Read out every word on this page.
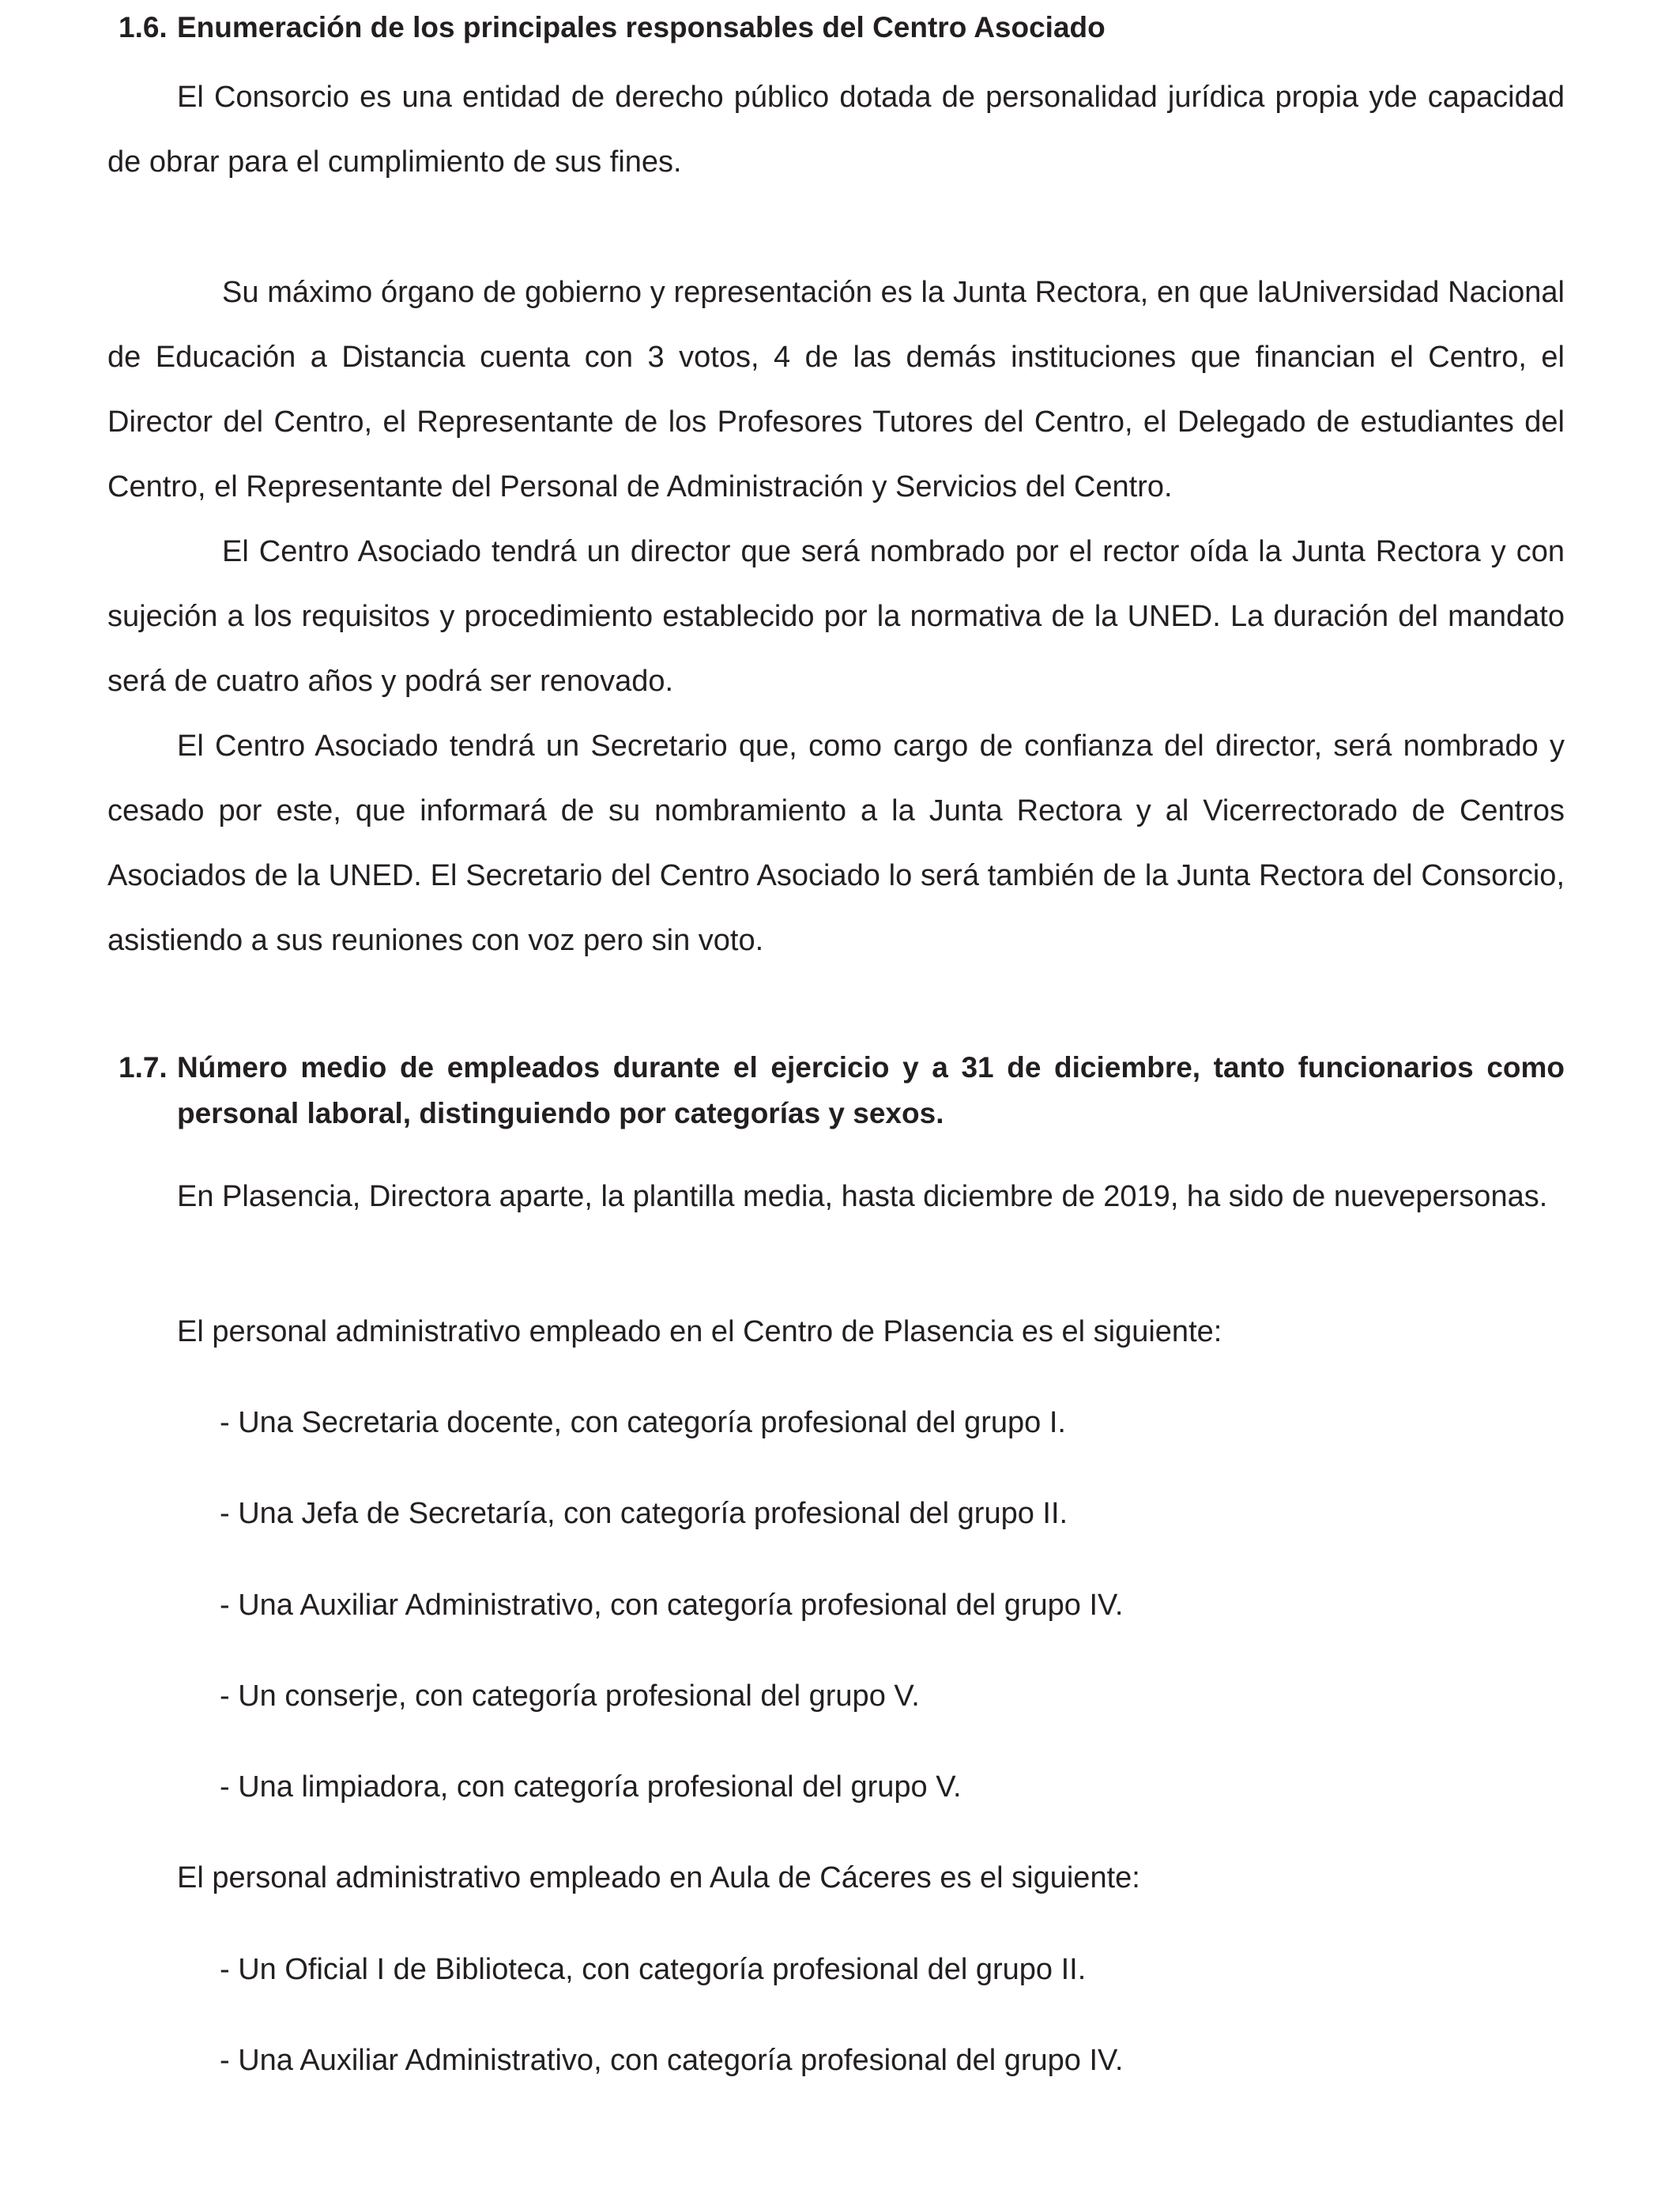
1.6. Enumeración de los principales responsables del Centro Asociado

El Consorcio es una entidad de derecho público dotada de personalidad jurídica propia yde capacidad de obrar para el cumplimiento de sus fines.

Su máximo órgano de gobierno y representación es la Junta Rectora, en que laUniversidad Nacional de Educación a Distancia cuenta con 3 votos, 4 de las demás instituciones que financian el Centro, el Director del Centro, el Representante de los Profesores Tutores del Centro, el Delegado de estudiantes del Centro, el Representante del Personal de Administración y Servicios del Centro.

El Centro Asociado tendrá un director que será nombrado por el rector oída la Junta Rectora y con sujeción a los requisitos y procedimiento establecido por la normativa de la UNED. La duración del mandato será de cuatro años y podrá ser renovado.

El Centro Asociado tendrá un Secretario que, como cargo de confianza del director, será nombrado y cesado por este, que informará de su nombramiento a la Junta Rectora y al Vicerrectorado de Centros Asociados de la UNED. El Secretario del Centro Asociado lo será también de la Junta Rectora del Consorcio, asistiendo a sus reuniones con voz pero sin voto.

1.7. Número medio de empleados durante el ejercicio y a 31 de diciembre, tanto funcionarios como personal laboral, distinguiendo por categorías y sexos.

En Plasencia, Directora aparte, la plantilla media, hasta diciembre de 2019, ha sido de nuevepersonas.

El personal administrativo empleado en el Centro de Plasencia es el siguiente:

- Una Secretaria docente, con categoría profesional del grupo I.

- Una Jefa de Secretaría, con categoría profesional del grupo II.

- Una Auxiliar Administrativo, con categoría profesional del grupo IV.

- Un conserje, con categoría profesional del grupo V.

- Una limpiadora, con categoría profesional del grupo V.

El personal administrativo empleado en Aula de Cáceres es el siguiente:

- Un Oficial I de Biblioteca, con categoría profesional del grupo II.

- Una Auxiliar Administrativo, con categoría profesional del grupo IV.
